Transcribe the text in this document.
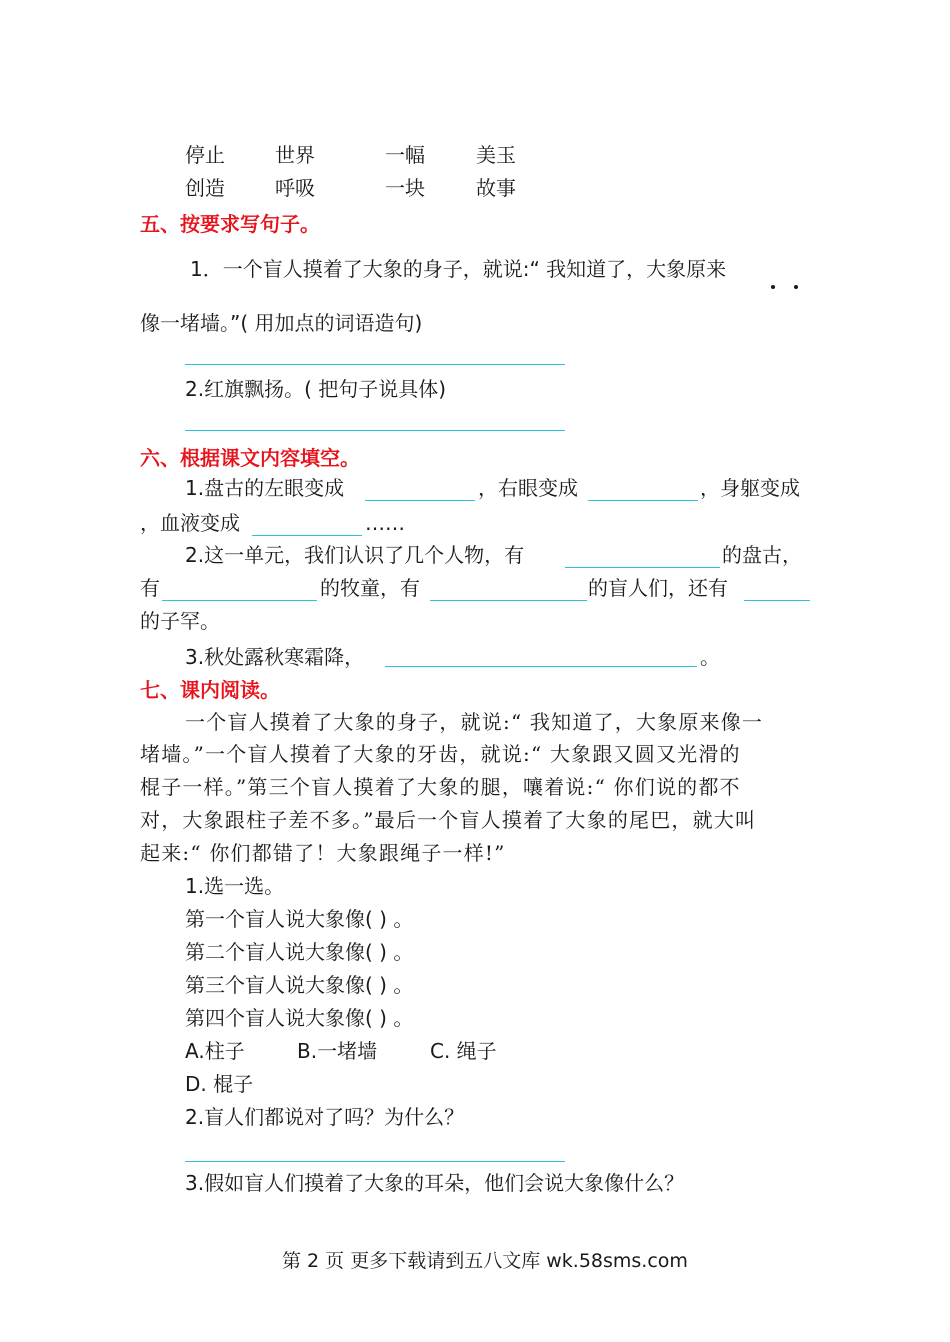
停止	世界	一幅	美玉
创造	呼吸	一块	故事
五、按要求写句子。
1．一个盲人摸着了大象的身子，就说:“ 我知道了，大象原来
像一堵墙。”( 用加点的词语造句)
2.红旗飘扬。( 把句子说具体)
六、根据课文内容填空。
1.盘古的左眼变成	，右眼变成	，身躯变成
，血液变成	……
2.这一单元，我们认识了几个人物，有	的盘古，
有	的牧童，有	的盲人们，还有
的子罕。
3.秋处露秋寒霜降，	。
七、课内阅读。
一个盲人摸着了大象的身子，就说:“ 我知道了，大象原来像一
堵墙。”一个盲人摸着了大象的牙齿，就说:“ 大象跟又圆又光滑的
棍子一样。”第三个盲人摸着了大象的腿，嚷着说:“ 你们说的都不
对，大象跟柱子差不多。”最后一个盲人摸着了大象的尾巴，就大叫
起来:“ 你们都错了！大象跟绳子一样!”
1.选一选。
第一个盲人说大象像( ) 。
第二个盲人说大象像( ) 。
第三个盲人说大象像( ) 。
第四个盲人说大象像( ) 。
A.柱子	B.一堵墙	C. 绳子
D. 棍子
2.盲人们都说对了吗？为什么？
3.假如盲人们摸着了大象的耳朵，他们会说大象像什么？
第 2 页 更多下载请到五八文库 wk.58sms.com
